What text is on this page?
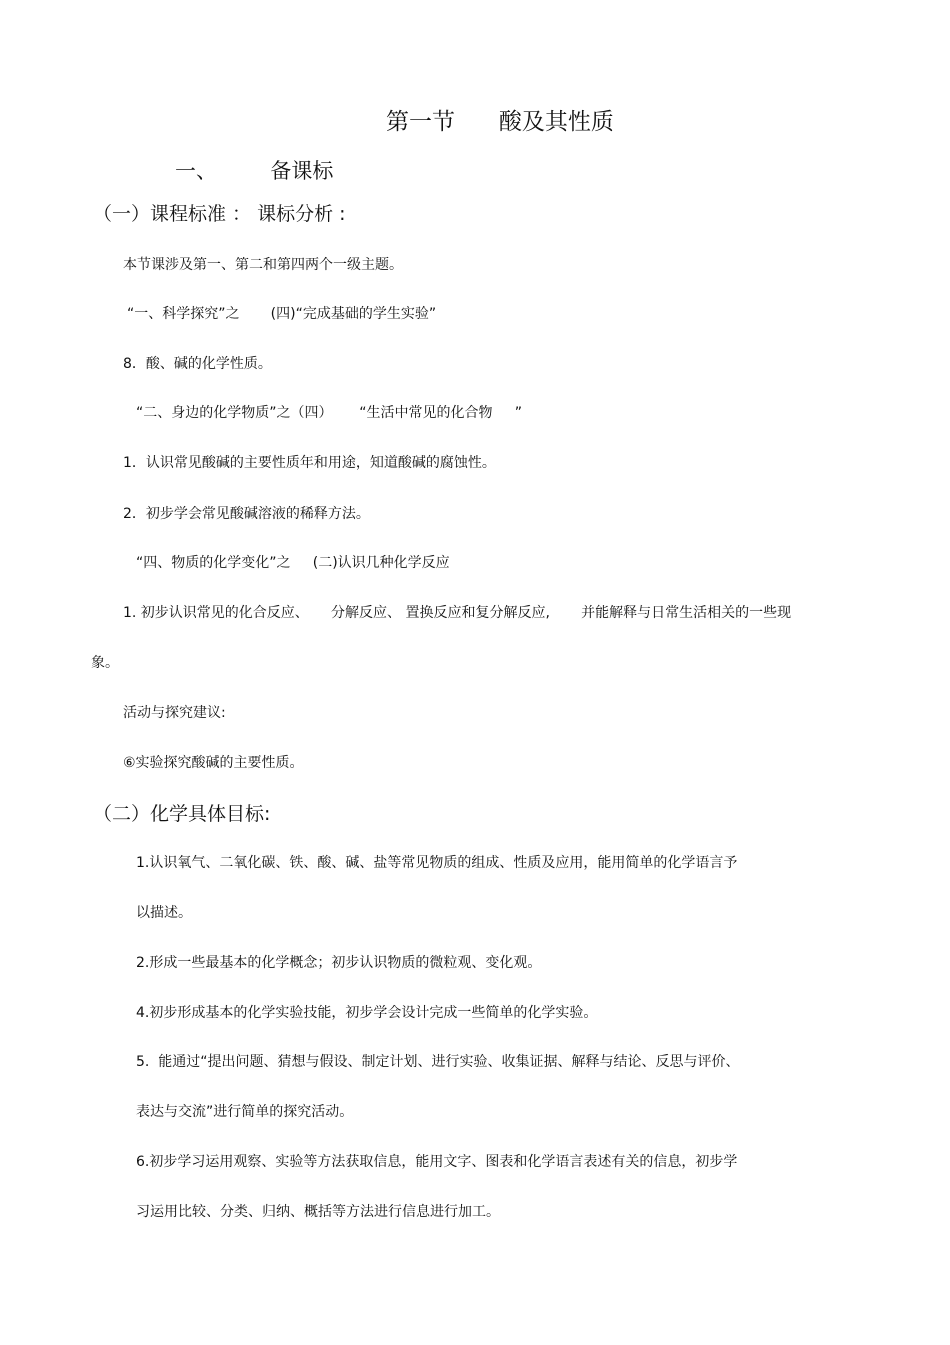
第一节      酸及其性质
一、        备课标
（一）课程标准 ： 课标分析 :
本节课涉及第一、第二和第四两个一级主题。
“一、科学探究”之       (四)“完成基础的学生实验”
8．酸、碱的化学性质。
“二、身边的化学物质”之（四）      “生活中常见的化合物     ”
1．认识常见酸碱的主要性质年和用途，知道酸碱的腐蚀性。
2．初步学会常见酸碱溶液的稀释方法。
“四、物质的化学变化”之     (二)认识几种化学反应
1. 初步认识常见的化合反应、     分解反应、 置换反应和复分解反应,       并能解释与日常生活相关的一些现
象。
活动与探究建议:
⑥实验探究酸碱的主要性质。
（二）化学具体目标:
1.认识氧气、二氧化碳、铁、酸、碱、盐等常见物质的组成、性质及应用，能用简单的化学语言予
以描述。
2.形成一些最基本的化学概念；初步认识物质的微粒观、变化观。
4.初步形成基本的化学实验技能，初步学会设计完成一些简单的化学实验。
5.  能通过“提出问题、猜想与假设、制定计划、进行实验、收集证据、解释与结论、反思与评价、
表达与交流”进行简单的探究活动。
6.初步学习运用观察、实验等方法获取信息，能用文字、图表和化学语言表述有关的信息，初步学
习运用比较、分类、归纳、概括等方法进行信息进行加工。
